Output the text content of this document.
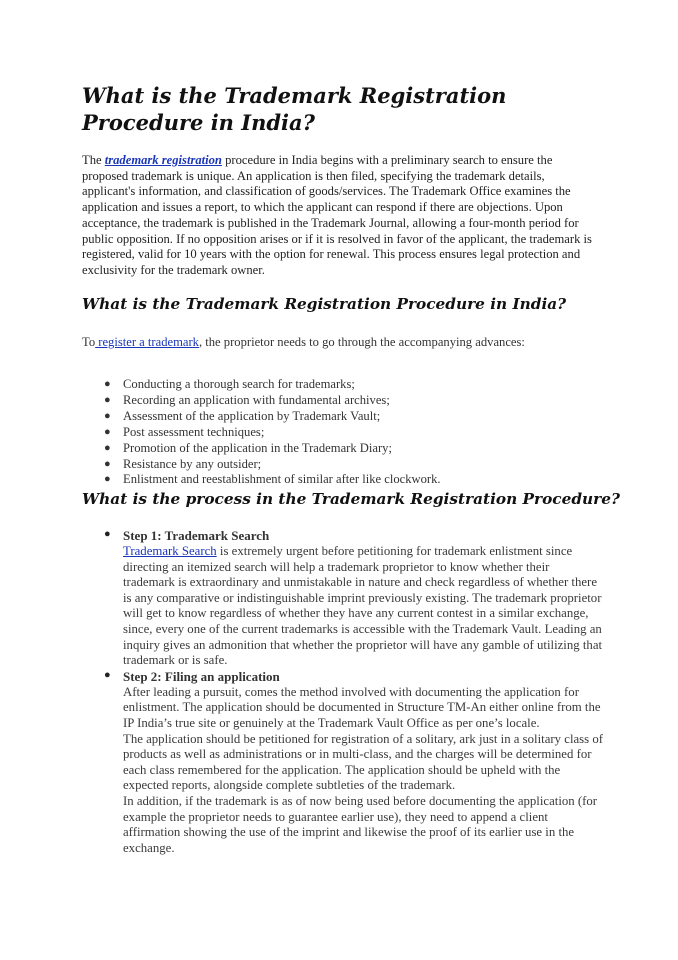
What is the Trademark Registration Procedure in India?

The trademark registration procedure in India begins with a preliminary search to ensure the proposed trademark is unique. An application is then filed, specifying the trademark details, applicant's information, and classification of goods/services. The Trademark Office examines the application and issues a report, to which the applicant can respond if there are objections. Upon acceptance, the trademark is published in the Trademark Journal, allowing a four-month period for public opposition. If no opposition arises or if it is resolved in favor of the applicant, the trademark is registered, valid for 10 years with the option for renewal. This process ensures legal protection and exclusivity for the trademark owner.

What is the Trademark Registration Procedure in India?

To register a trademark, the proprietor needs to go through the accompanying advances:

● Conducting a thorough search for trademarks;
● Recording an application with fundamental archives;
● Assessment of the application by Trademark Vault;
● Post assessment techniques;
● Promotion of the application in the Trademark Diary;
● Resistance by any outsider;
● Enlistment and reestablishment of similar after like clockwork.
What is the process in the Trademark Registration Procedure?
● Step 1: Trademark Search

Trademark Search is extremely urgent before petitioning for trademark enlistment since directing an itemized search will help a trademark proprietor to know whether their trademark is extraordinary and unmistakable in nature and check regardless of whether there is any comparative or indistinguishable imprint previously existing. The trademark proprietor will get to know regardless of whether they have any current contest in a similar exchange, since, every one of the current trademarks is accessible with the Trademark Vault. Leading an inquiry gives an admonition that whether the proprietor will have any gamble of utilizing that trademark or is safe.

● Step 2: Filing an application

After leading a pursuit, comes the method involved with documenting the application for enlistment. The application should be documented in Structure TM-An either online from the IP India’s true site or genuinely at the Trademark Vault Office as per one’s locale.

The application should be petitioned for registration of a solitary, ark just in a solitary class of products as well as administrations or in multi-class, and the charges will be determined for each class remembered for the application. The application should be upheld with the expected reports, alongside complete subtleties of the trademark.

In addition, if the trademark is as of now being used before documenting the application (for example the proprietor needs to guarantee earlier use), they need to append a client affirmation showing the use of the imprint and likewise the proof of its earlier use in the exchange.
